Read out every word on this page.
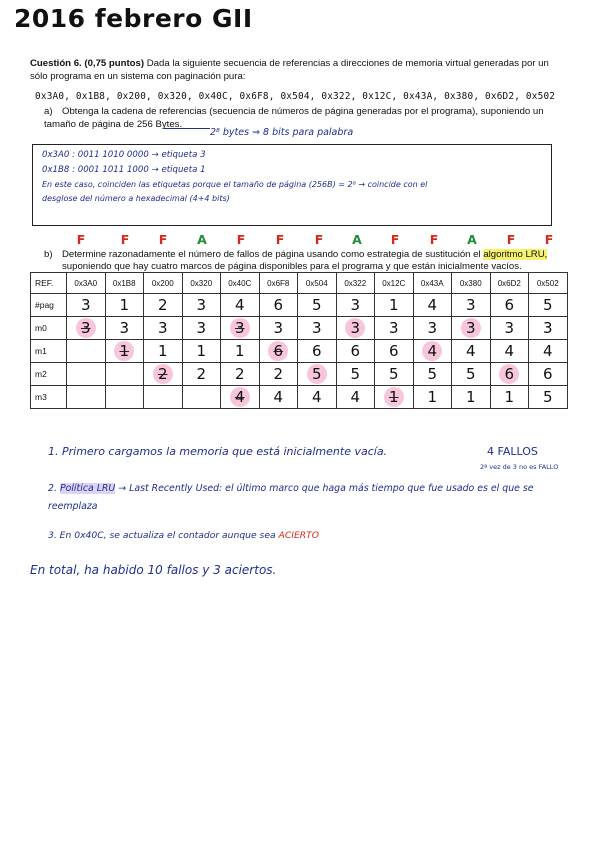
2016 febrero GII
Cuestión 6. (0,75 puntos) Dada la siguiente secuencia de referencias a direcciones de memoria virtual generadas por un sólo programa en un sistema con paginación pura:
0x3A0, 0x1B8, 0x200, 0x320, 0x40C, 0x6F8, 0x504, 0x322, 0x12C, 0x43A, 0x380, 0x6D2, 0x502
a) Obtenga la cadena de referencias (secuencia de números de página generadas por el programa), suponiendo un tamaño de página de 256 Bytes.
2⁸ bytes ⇒ 8 bits para palabra
0x3A0 : 0011 1010 0000 → etiqueta 3
0x1B8 : 0001 1011 1000 → etiqueta 1
En este caso, coinciden las etiquetas porque el tamaño de página (256B) = 2⁸ → coincide con el
desglose del número a hexadecimal (4+4 bits)
F	F F A F F F A F F A F F
b) Determine razonadamente el número de fallos de página usando como estrategia de sustitución el algoritmo LRU,
suponiendo que hay cuatro marcos de página disponibles para el programa y que están inicialmente vacíos.
REF.	0x3A0	0x1B8	0x200	0x320	0x40C	0x6F8	0x504	0x322	0x12C	0x43A	0x380	0x6D2	0x502
#pag	3	1	2	3	4	6	5	3	1	4	3	6	5
m0	3	3	3	3	3	3	3	3	3	3	3	3	3
m1		1	1	1	1	6	6	6	6	4	4	4	4
m2			2	2	2	2	5	5	5	5	5	6	6
m3					4	4	4	4	1	1	1	1	5
1. Primero cargamos la memoria que está inicialmente vacía.	4 FALLOS
2ª vez de 3 no es FALLO
2. Política LRU → Last Recently Used: el último marco que haga más tiempo que fue usado es el que se reemplaza
3. En 0x40C, se actualiza el contador aunque sea ACIERTO
En total, ha habido 10 fallos y 3 aciertos.
